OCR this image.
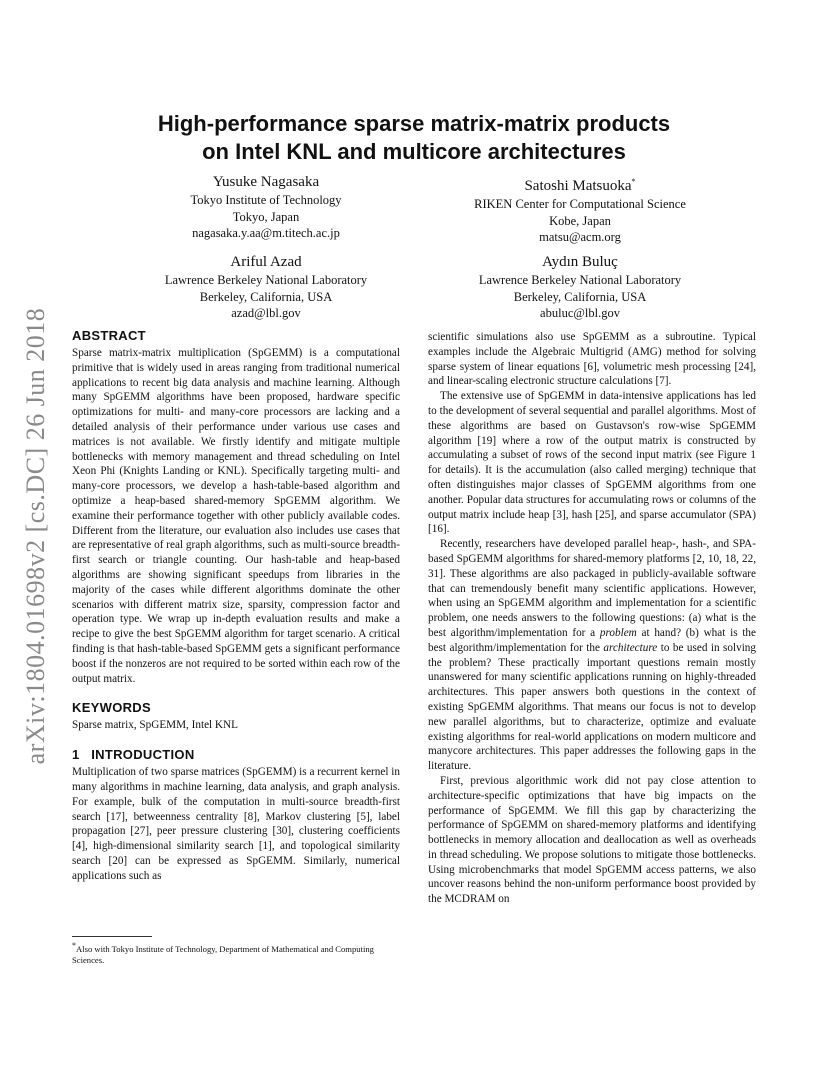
arXiv:1804.01698v2 [cs.DC] 26 Jun 2018
High-performance sparse matrix-matrix products
on Intel KNL and multicore architectures
Yusuke Nagasaka
Tokyo Institute of Technology
Tokyo, Japan
nagasaka.y.aa@m.titech.ac.jp
Satoshi Matsuoka*
RIKEN Center for Computational Science
Kobe, Japan
matsu@acm.org
Ariful Azad
Lawrence Berkeley National Laboratory
Berkeley, California, USA
azad@lbl.gov
Aydın Buluç
Lawrence Berkeley National Laboratory
Berkeley, California, USA
abuluc@lbl.gov
ABSTRACT

Sparse matrix-matrix multiplication (SpGEMM) is a computational primitive that is widely used in areas ranging from traditional numerical applications to recent big data analysis and machine learning. Although many SpGEMM algorithms have been proposed, hardware specific optimizations for multi- and many-core processors are lacking and a detailed analysis of their performance under various use cases and matrices is not available. We firstly identify and mitigate multiple bottlenecks with memory management and thread scheduling on Intel Xeon Phi (Knights Landing or KNL). Specifically targeting multi- and many-core processors, we develop a hash-table-based algorithm and optimize a heap-based shared-memory SpGEMM algorithm. We examine their performance together with other publicly available codes. Different from the literature, our evaluation also includes use cases that are representative of real graph algorithms, such as multi-source breadth-first search or triangle counting. Our hash-table and heap-based algorithms are showing significant speedups from libraries in the majority of the cases while different algorithms dominate the other scenarios with different matrix size, sparsity, compression factor and operation type. We wrap up in-depth evaluation results and make a recipe to give the best SpGEMM algorithm for target scenario. A critical finding is that hash-table-based SpGEMM gets a significant performance boost if the nonzeros are not required to be sorted within each row of the output matrix.

KEYWORDS

Sparse matrix, SpGEMM, Intel KNL

1   INTRODUCTION

Multiplication of two sparse matrices (SpGEMM) is a recurrent kernel in many algorithms in machine learning, data analysis, and graph analysis. For example, bulk of the computation in multi-source breadth-first search [17], betweenness centrality [8], Markov clustering [5], label propagation [27], peer pressure clustering [30], clustering coefficients [4], high-dimensional similarity search [1], and topological similarity search [20] can be expressed as SpGEMM. Similarly, numerical applications such as

scientific simulations also use SpGEMM as a subroutine. Typical examples include the Algebraic Multigrid (AMG) method for solving sparse system of linear equations [6], volumetric mesh processing [24], and linear-scaling electronic structure calculations [7].

The extensive use of SpGEMM in data-intensive applications has led to the development of several sequential and parallel algorithms. Most of these algorithms are based on Gustavson's row-wise SpGEMM algorithm [19] where a row of the output matrix is constructed by accumulating a subset of rows of the second input matrix (see Figure 1 for details). It is the accumulation (also called merging) technique that often distinguishes major classes of SpGEMM algorithms from one another. Popular data structures for accumulating rows or columns of the output matrix include heap [3], hash [25], and sparse accumulator (SPA) [16].

Recently, researchers have developed parallel heap-, hash-, and SPA-based SpGEMM algorithms for shared-memory platforms [2, 10, 18, 22, 31]. These algorithms are also packaged in publicly-available software that can tremendously benefit many scientific applications. However, when using an SpGEMM algorithm and implementation for a scientific problem, one needs answers to the following questions: (a) what is the best algorithm/implementation for a problem at hand? (b) what is the best algorithm/implementation for the architecture to be used in solving the problem? These practically important questions remain mostly unanswered for many scientific applications running on highly-threaded architectures. This paper answers both questions in the context of existing SpGEMM algorithms. That means our focus is not to develop new parallel algorithms, but to characterize, optimize and evaluate existing algorithms for real-world applications on modern multicore and manycore architectures. This paper addresses the following gaps in the literature.

First, previous algorithmic work did not pay close attention to architecture-specific optimizations that have big impacts on the performance of SpGEMM. We fill this gap by characterizing the performance of SpGEMM on shared-memory platforms and identifying bottlenecks in memory allocation and deallocation as well as overheads in thread scheduling. We propose solutions to mitigate those bottlenecks. Using microbenchmarks that model SpGEMM access patterns, we also uncover reasons behind the non-uniform performance boost provided by the MCDRAM on

*Also with Tokyo Institute of Technology, Department of Mathematical and Computing Sciences.
